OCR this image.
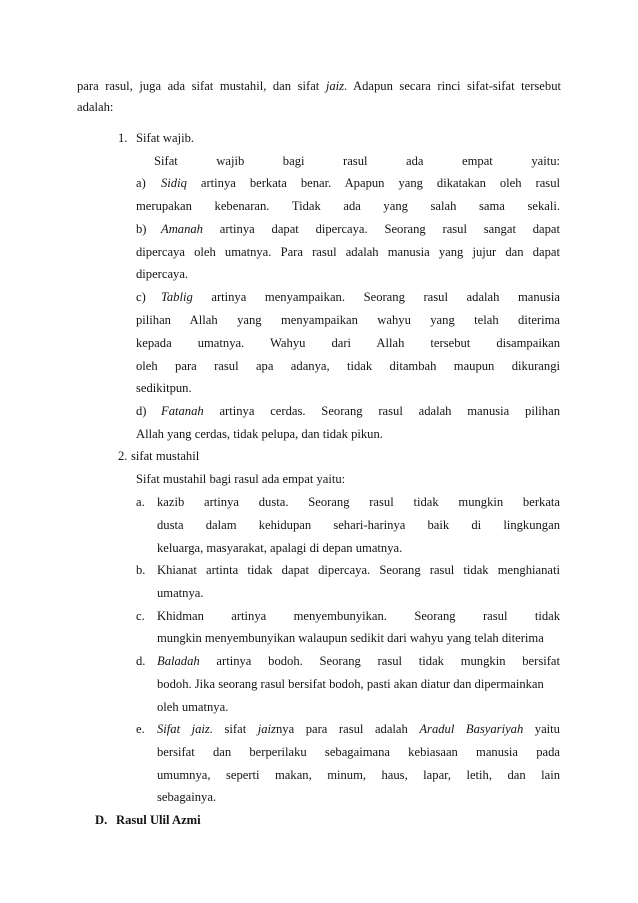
para rasul, juga ada sifat mustahil, dan sifat jaiz. Adapun secara rinci sifat-sifat tersebut
adalah:
1. Sifat wajib.
Sifat wajib bagi rasul ada empat yaitu:
a) Sidiq artinya berkata benar. Apapun yang dikatakan oleh rasul
merupakan kebenaran. Tidak ada yang salah sama sekali.
b) Amanah artinya dapat dipercaya. Seorang rasul sangat dapat
dipercaya oleh umatnya. Para rasul adalah manusia yang jujur dan dapat
dipercaya.
c) Tablig artinya menyampaikan. Seorang rasul adalah manusia
pilihan Allah yang menyampaikan wahyu yang telah diterima
kepada umatnya. Wahyu dari Allah tersebut disampaikan
oleh para rasul apa adanya, tidak ditambah maupun dikurangi
sedikitpun.
d) Fatanah artinya cerdas. Seorang rasul adalah manusia pilihan
Allah yang cerdas, tidak pelupa, dan tidak pikun.
2. sifat mustahil
Sifat mustahil bagi rasul ada empat yaitu:
a. kazib artinya dusta. Seorang rasul tidak mungkin berkata
dusta dalam kehidupan sehari-harinya baik di lingkungan
keluarga, masyarakat, apalagi di depan umatnya.
b. Khianat artinta tidak dapat dipercaya. Seorang rasul tidak menghianati
umatnya.
c. Khidman artinya menyembunyikan. Seorang rasul tidak
mungkin menyembunyikan walaupun sedikit dari wahyu yang telah diterima
d. Baladah artinya bodoh. Seorang rasul tidak mungkin bersifat
bodoh. Jika seorang rasul bersifat bodoh, pasti akan diatur dan dipermainkan
oleh umatnya.
e. Sifat jaiz. sifat jaiznya para rasul adalah Aradul Basyariyah yaitu
bersifat dan berperilaku sebagaimana kebiasaan manusia pada
umumnya, seperti makan, minum, haus, lapar, letih, dan lain
sebagainya.
D. Rasul Ulil Azmi
